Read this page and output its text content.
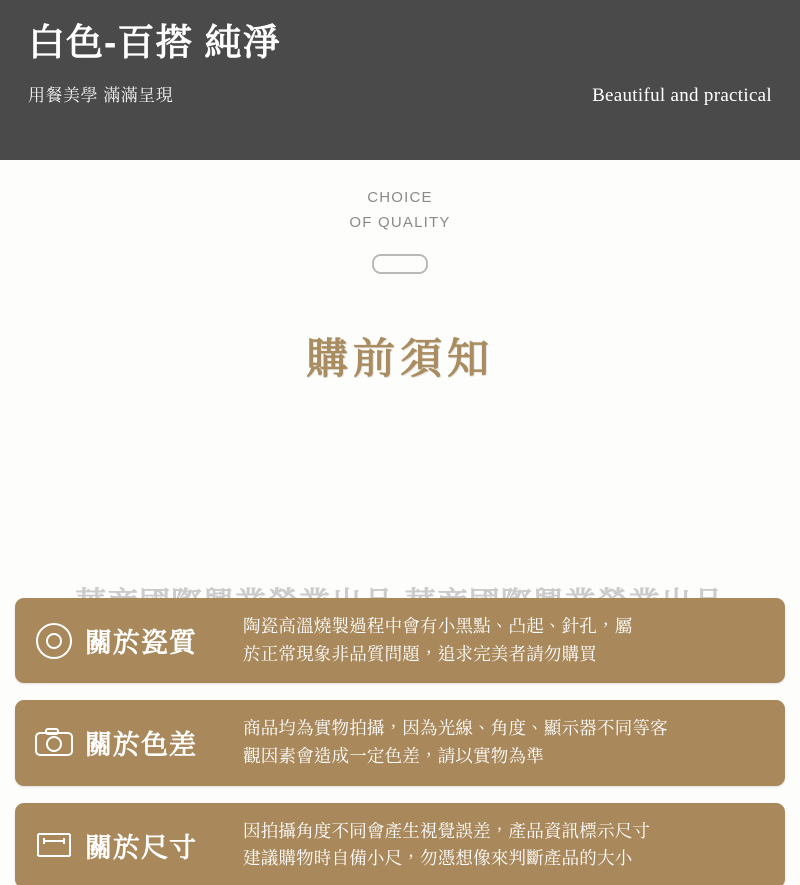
白色-百搭 純淨
用餐美學 滿滿呈現	Beautiful and practical
CHOICE
OF QUALITY
購前須知
關於瓷質
陶瓷高溫燒製過程中會有小黑點、凸起、針孔，屬
於正常現象非品質問題，追求完美者請勿購買
關於色差
商品均為實物拍攝，因為光線、角度、顯示器不同等客
觀因素會造成一定色差，請以實物為準
關於尺寸
因拍攝角度不同會產生視覺誤差，產品資訊標示尺寸
建議購物時自備小尺，勿憑想像來判斷產品的大小
